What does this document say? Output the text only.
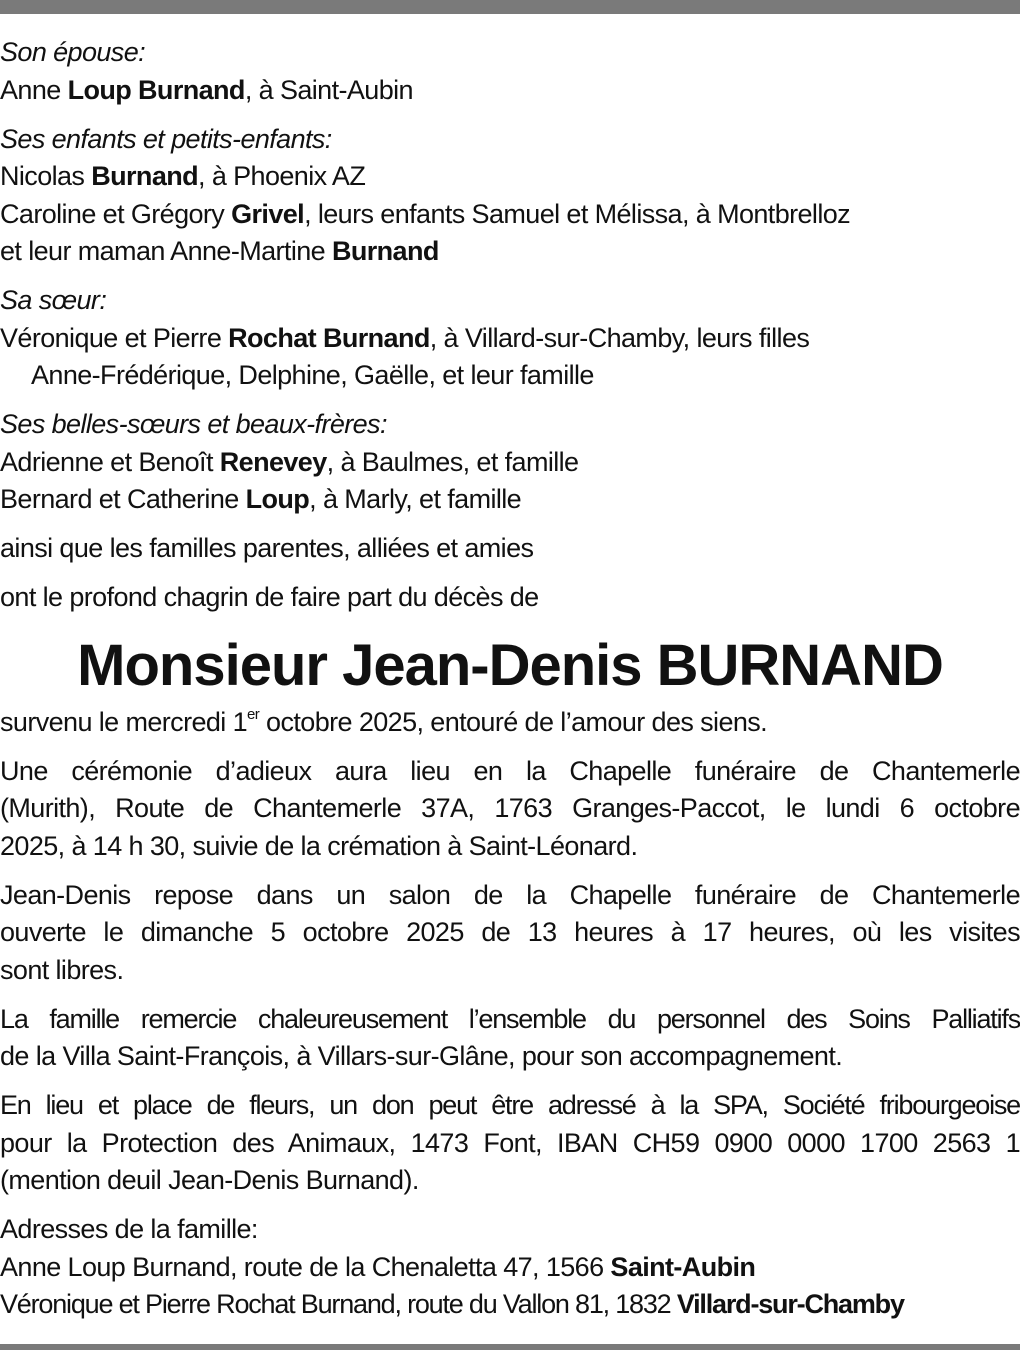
Son épouse:
Anne Loup Burnand, à Saint-Aubin
Ses enfants et petits-enfants:
Nicolas Burnand, à Phoenix AZ
Caroline et Grégory Grivel, leurs enfants Samuel et Mélissa, à Montbrelloz
et leur maman Anne-Martine Burnand
Sa sœur:
Véronique et Pierre Rochat Burnand, à Villard-sur-Chamby, leurs filles
Anne-Frédérique, Delphine, Gaëlle, et leur famille
Ses belles-sœurs et beaux-frères:
Adrienne et Benoît Renevey, à Baulmes, et famille
Bernard et Catherine Loup, à Marly, et famille
ainsi que les familles parentes, alliées et amies
ont le profond chagrin de faire part du décès de
Monsieur Jean-Denis BURNAND
survenu le mercredi 1er octobre 2025, entouré de l’amour des siens.
Une cérémonie d’adieux aura lieu en la Chapelle funéraire de Chantemerle
(Murith), Route de Chantemerle 37A, 1763 Granges-Paccot, le lundi 6 octobre
2025, à 14 h 30, suivie de la crémation à Saint-Léonard.
Jean-Denis repose dans un salon de la Chapelle funéraire de Chantemerle
ouverte le dimanche 5 octobre 2025 de 13 heures à 17 heures, où les visites
sont libres.
La famille remercie chaleureusement l’ensemble du personnel des Soins Palliatifs
de la Villa Saint-François, à Villars-sur-Glâne, pour son accompagnement.
En lieu et place de fleurs, un don peut être adressé à la SPA, Société fribourgeoise
pour la Protection des Animaux, 1473 Font, IBAN CH59 0900 0000 1700 2563 1
(mention deuil Jean-Denis Burnand).
Adresses de la famille:
Anne Loup Burnand, route de la Chenaletta 47, 1566 Saint-Aubin
Véronique et Pierre Rochat Burnand, route du Vallon 81, 1832 Villard-sur-Chamby
